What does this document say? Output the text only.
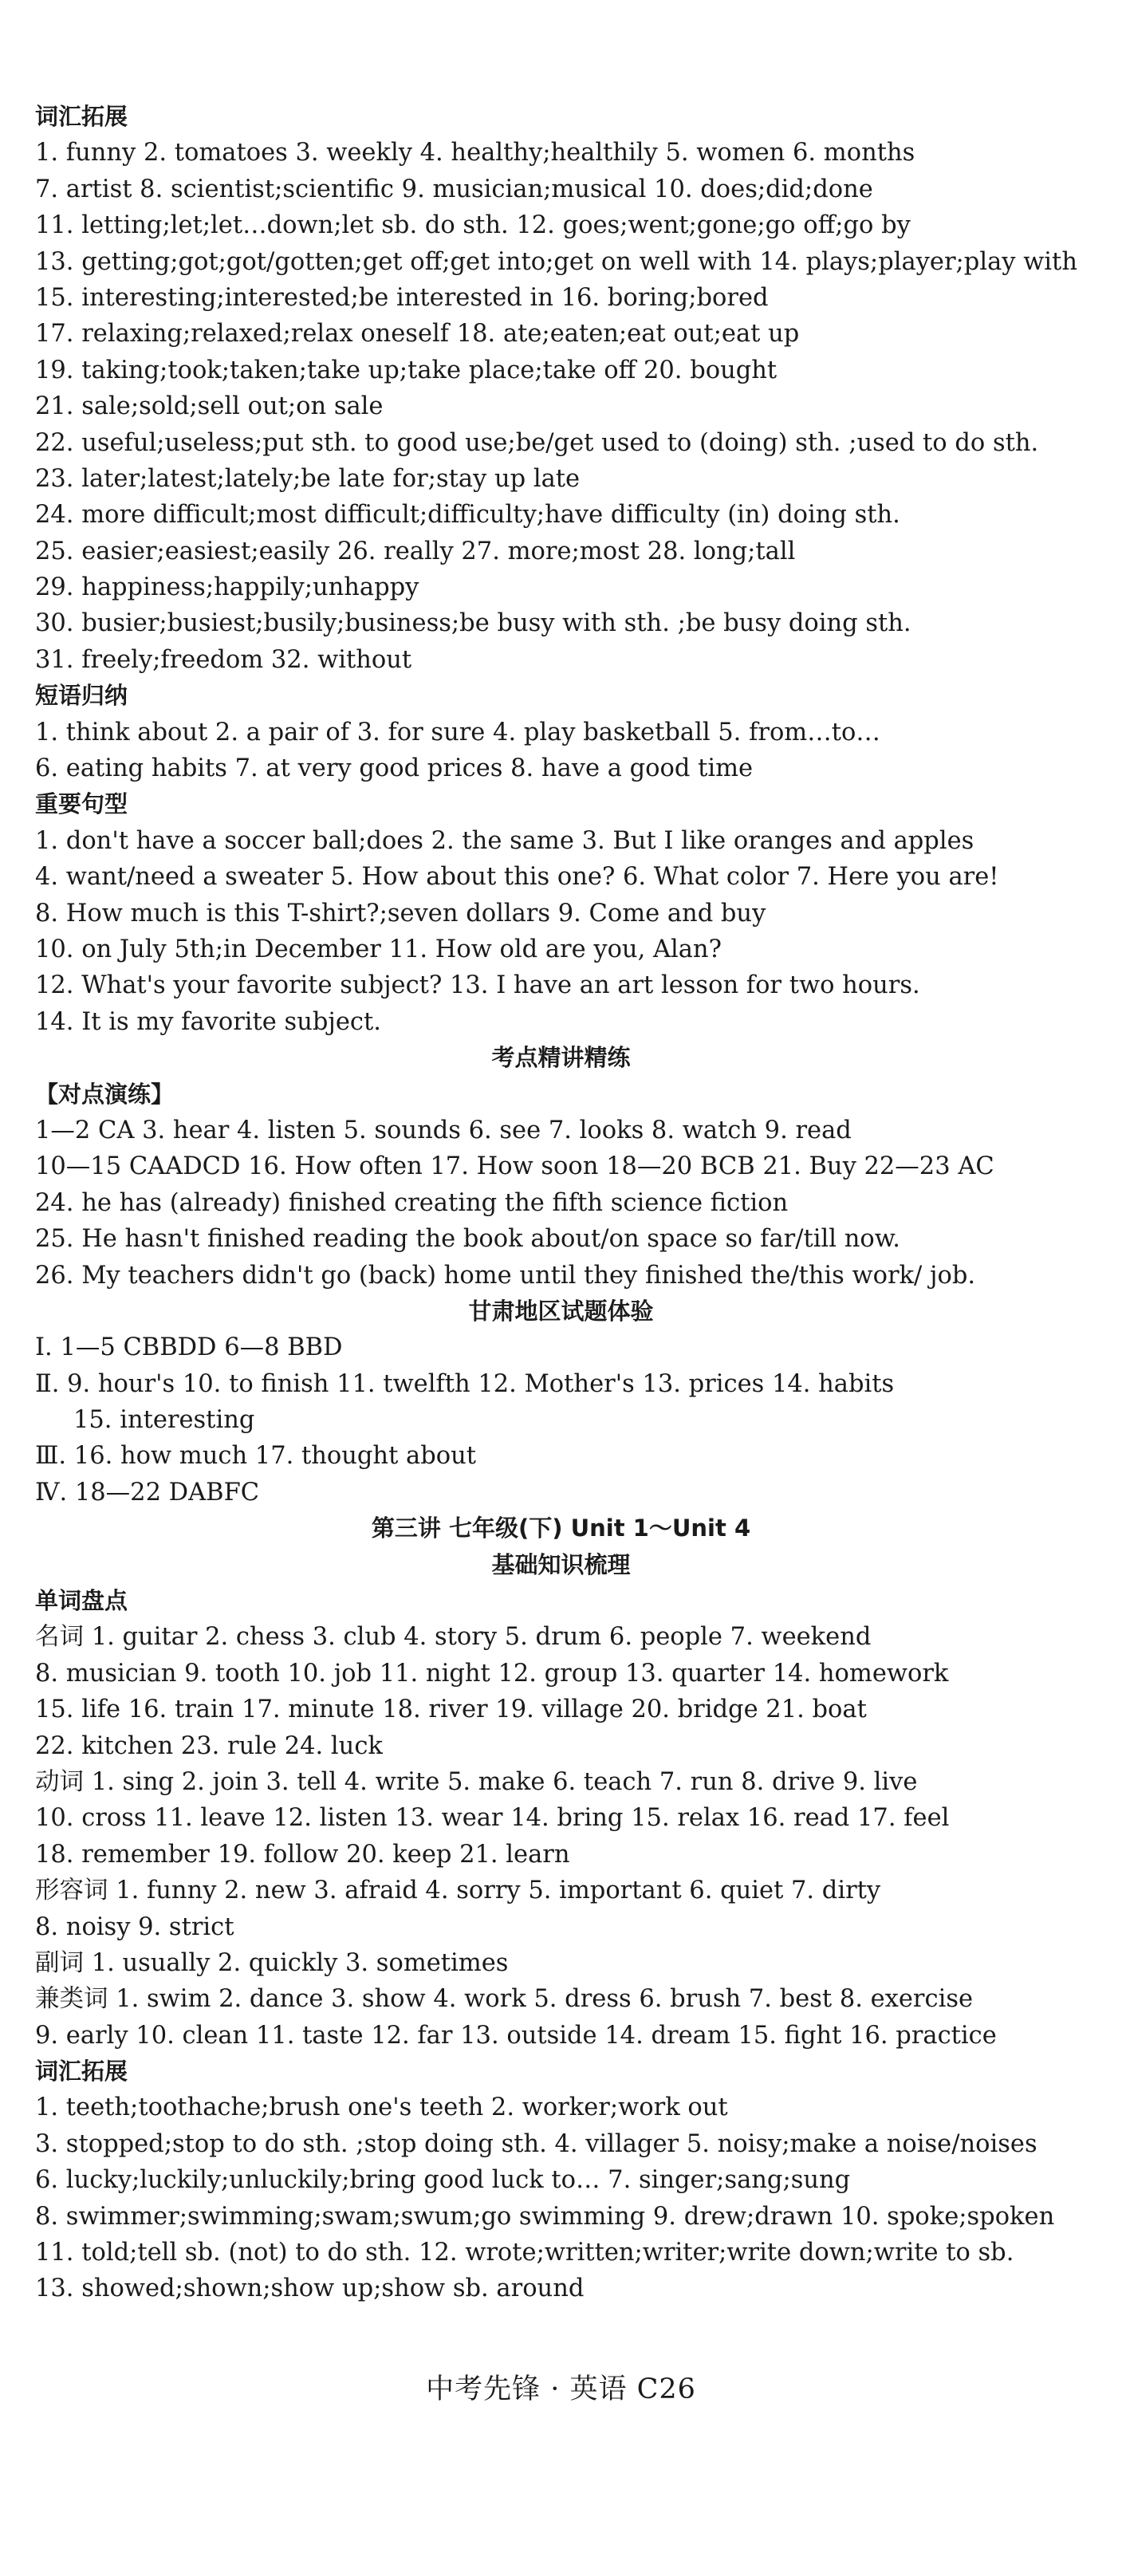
词汇拓展
1. funny 2. tomatoes 3. weekly 4. healthy;healthily 5. women 6. months
7. artist 8. scientist;scientific 9. musician;musical 10. does;did;done
11. letting;let;let…down;let sb. do sth. 12. goes;went;gone;go off;go by
13. getting;got;got/gotten;get off;get into;get on well with 14. plays;player;play with
15. interesting;interested;be interested in 16. boring;bored
17. relaxing;relaxed;relax oneself 18. ate;eaten;eat out;eat up
19. taking;took;taken;take up;take place;take off 20. bought
21. sale;sold;sell out;on sale
22. useful;useless;put sth. to good use;be/get used to (doing) sth. ;used to do sth.
23. later;latest;lately;be late for;stay up late
24. more difficult;most difficult;difficulty;have difficulty (in) doing sth.
25. easier;easiest;easily 26. really 27. more;most 28. long;tall
29. happiness;happily;unhappy
30. busier;busiest;busily;business;be busy with sth. ;be busy doing sth.
31. freely;freedom 32. without
短语归纳
1. think about 2. a pair of 3. for sure 4. play basketball 5. from…to…
6. eating habits 7. at very good prices 8. have a good time
重要句型
1. don't have a soccer ball;does 2. the same 3. But I like oranges and apples
4. want/need a sweater 5. How about this one? 6. What color 7. Here you are!
8. How much is this T-shirt?;seven dollars 9. Come and buy
10. on July 5th;in December 11. How old are you, Alan?
12. What's your favorite subject? 13. I have an art lesson for two hours.
14. It is my favorite subject.
考点精讲精练
【对点演练】
1—2 CA 3. hear 4. listen 5. sounds 6. see 7. looks 8. watch 9. read
10—15 CAADCD 16. How often 17. How soon 18—20 BCB 21. Buy 22—23 AC
24. he has (already) finished creating the fifth science fiction
25. He hasn't finished reading the book about/on space so far/till now.
26. My teachers didn't go (back) home until they finished the/this work/ job.
甘肃地区试题体验
Ⅰ. 1—5 CBBDD 6—8 BBD
Ⅱ. 9. hour's 10. to finish 11. twelfth 12. Mother's 13. prices 14. habits
15. interesting
Ⅲ. 16. how much 17. thought about
Ⅳ. 18—22 DABFC
第三讲 七年级(下) Unit 1～Unit 4
基础知识梳理
单词盘点
名词 1. guitar 2. chess 3. club 4. story 5. drum 6. people 7. weekend
8. musician 9. tooth 10. job 11. night 12. group 13. quarter 14. homework
15. life 16. train 17. minute 18. river 19. village 20. bridge 21. boat
22. kitchen 23. rule 24. luck
动词 1. sing 2. join 3. tell 4. write 5. make 6. teach 7. run 8. drive 9. live
10. cross 11. leave 12. listen 13. wear 14. bring 15. relax 16. read 17. feel
18. remember 19. follow 20. keep 21. learn
形容词 1. funny 2. new 3. afraid 4. sorry 5. important 6. quiet 7. dirty
8. noisy 9. strict
副词 1. usually 2. quickly 3. sometimes
兼类词 1. swim 2. dance 3. show 4. work 5. dress 6. brush 7. best 8. exercise
9. early 10. clean 11. taste 12. far 13. outside 14. dream 15. fight 16. practice
词汇拓展
1. teeth;toothache;brush one's teeth 2. worker;work out
3. stopped;stop to do sth. ;stop doing sth. 4. villager 5. noisy;make a noise/noises
6. lucky;luckily;unluckily;bring good luck to… 7. singer;sang;sung
8. swimmer;swimming;swam;swum;go swimming 9. drew;drawn 10. spoke;spoken
11. told;tell sb. (not) to do sth. 12. wrote;written;writer;write down;write to sb.
13. showed;shown;show up;show sb. around
中考先锋 · 英语 C26
